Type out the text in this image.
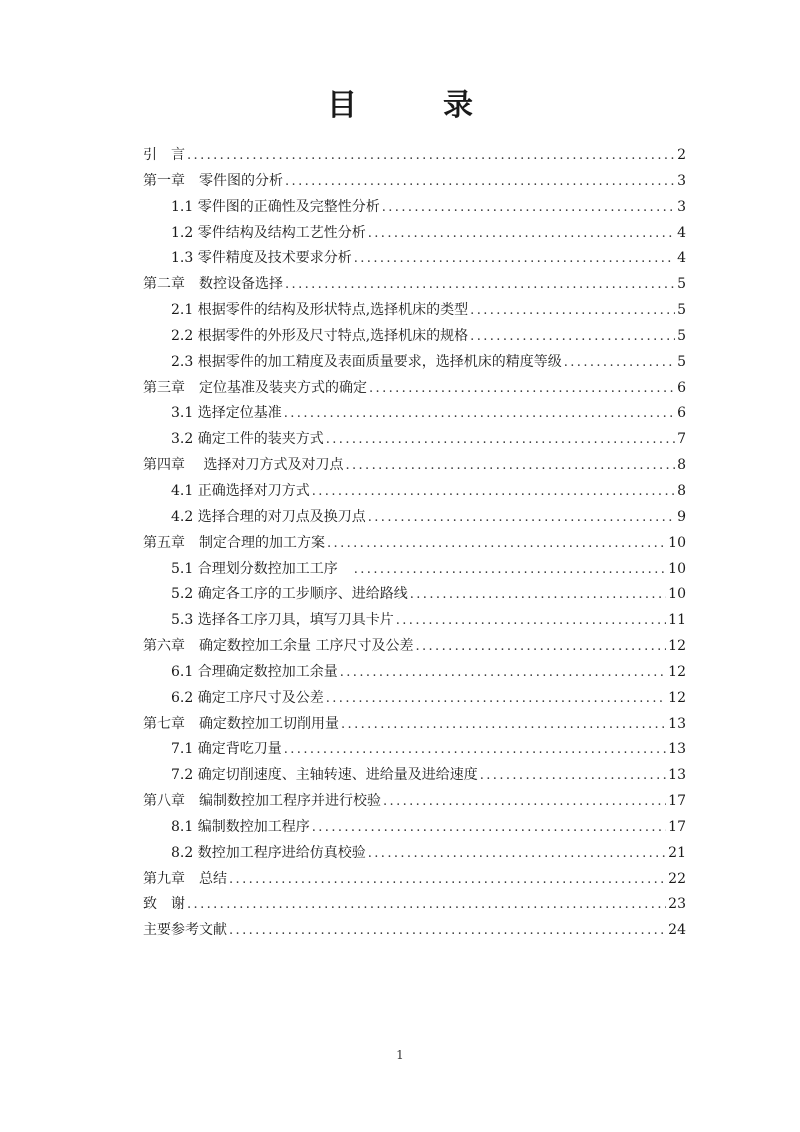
目　录
引　言 .....	2
第一章　零件图的分析 .....	3
1.1 零件图的正确性及完整性分析 .....	3
1.2 零件结构及结构工艺性分析 .....	4
1.3 零件精度及技术要求分析 .....	4
第二章　数控设备选择 .....	5
2.1 根据零件的结构及形状特点,选择机床的类型 .....	5
2.2 根据零件的外形及尺寸特点,选择机床的规格 .....	5
2.3 根据零件的加工精度及表面质量要求，选择机床的精度等级 .....	5
第三章　定位基准及装夹方式的确定 .....	6
3.1 选择定位基准 .....	6
3.2 确定工件的装夹方式 .....	7
第四章　 选择对刀方式及对刀点 .....	8
4.1 正确选择对刀方式 .....	8
4.2 选择合理的对刀点及换刀点 .....	9
第五章　制定合理的加工方案 .....	10
5.1 合理划分数控加工工序　 .....	10
5.2 确定各工序的工步顺序、进给路线 .....	10
5.3 选择各工序刀具，填写刀具卡片 .....	11
第六章　确定数控加工余量 工序尺寸及公差 .....	12
6.1 合理确定数控加工余量 .....	12
6.2 确定工序尺寸及公差 .....	12
第七章　确定数控加工切削用量 .....	13
7.1 确定背吃刀量 .....	13
7.2 确定切削速度、主轴转速、进给量及进给速度 .....	13
第八章　编制数控加工程序并进行校验 .....	17
8.1 编制数控加工程序 .....	17
8.2 数控加工程序进给仿真校验 .....	21
第九章　总结 .....	22
致　谢 .....	23
主要参考文献 .....	24
1
